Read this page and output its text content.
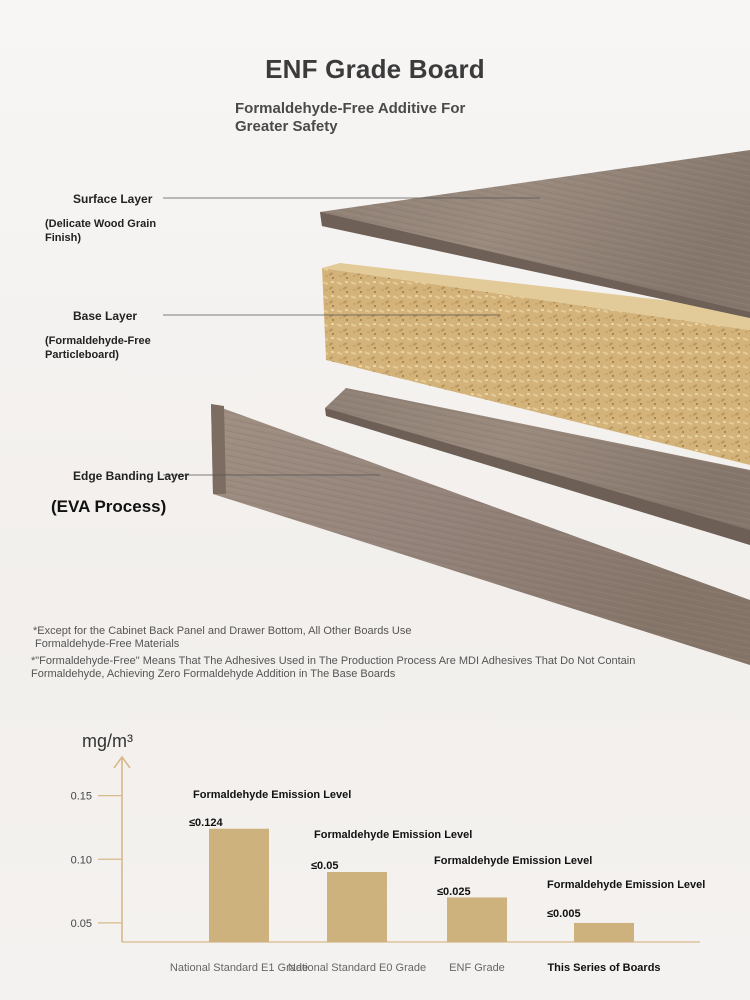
ENF Grade Board
Formaldehyde-Free Additive For
Greater Safety
Surface Layer
(Delicate Wood Grain
Finish)
Base Layer
(Formaldehyde-Free
Particleboard)
Edge Banding Layer
(EVA Process)
*Except for the Cabinet Back Panel and Drawer Bottom, All Other Boards Use
Formaldehyde-Free Materials
*"Formaldehyde-Free" Means That The Adhesives Used in The Production Process Are MDI Adhesives That Do Not Contain
Formaldehyde, Achieving Zero Formaldehyde Addition in The Base Boards
mg/m³
0.05
0.10
0.15	Formaldehyde Emission Level
≤0.124
National Standard E1 Grade
Formaldehyde Emission Level
≤0.05
National Standard E0 Grade
Formaldehyde Emission Level
≤0.025
ENF Grade
Formaldehyde Emission Level
≤0.005
This Series of Boards
